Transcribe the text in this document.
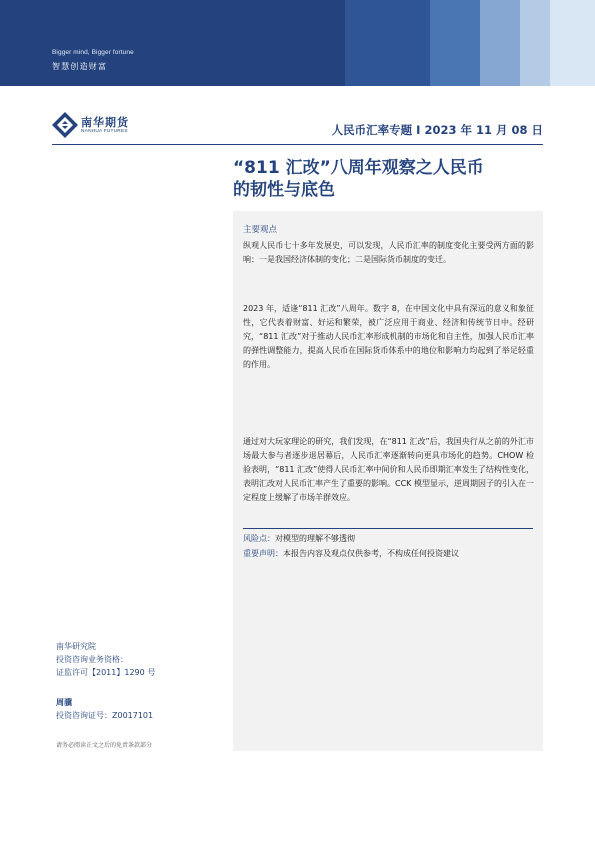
Bigger mind, Bigger fortune
智慧创造财富
南华期货
NANHUA FUTURES	人民币汇率专题 I 2023 年 11 月 08 日
“811 汇改”八周年观察之人民币
的韧性与底色
主要观点
纵观人民币七十多年发展史，可以发现，人民币汇率的制度变化主要受两方面的影响：一是我国经济体制的变化；二是国际货币制度的变迁。
2023 年，适逢“811 汇改”八周年。数字 8，在中国文化中具有深远的意义和象征性，它代表着财富、好运和繁荣，被广泛应用于商业、经济和传统节日中。经研究，“811 汇改”对于推动人民币汇率形成机制的市场化和自主性，加强人民币汇率的弹性调整能力，提高人民币在国际货币体系中的地位和影响力均起到了举足轻重的作用。
通过对大玩家理论的研究，我们发现，在“811 汇改”后，我国央行从之前的外汇市场最大参与者逐步退居幕后，人民币汇率逐渐转向更具市场化的趋势。CHOW 检验表明，“811 汇改”使得人民币汇率中间价和人民币即期汇率发生了结构性变化，表明汇改对人民币汇率产生了重要的影响。CCK 模型显示，逆周期因子的引入在一定程度上缓解了市场羊群效应。
风险点：对模型的理解不够透彻
重要声明：本报告内容及观点仅供参考，不构成任何投资建议
南华研究院
投资咨询业务资格：
证监许可【2011】1290 号
周骥
投资咨询证号：Z0017101
请务必阅读正文之后的免责条款部分
